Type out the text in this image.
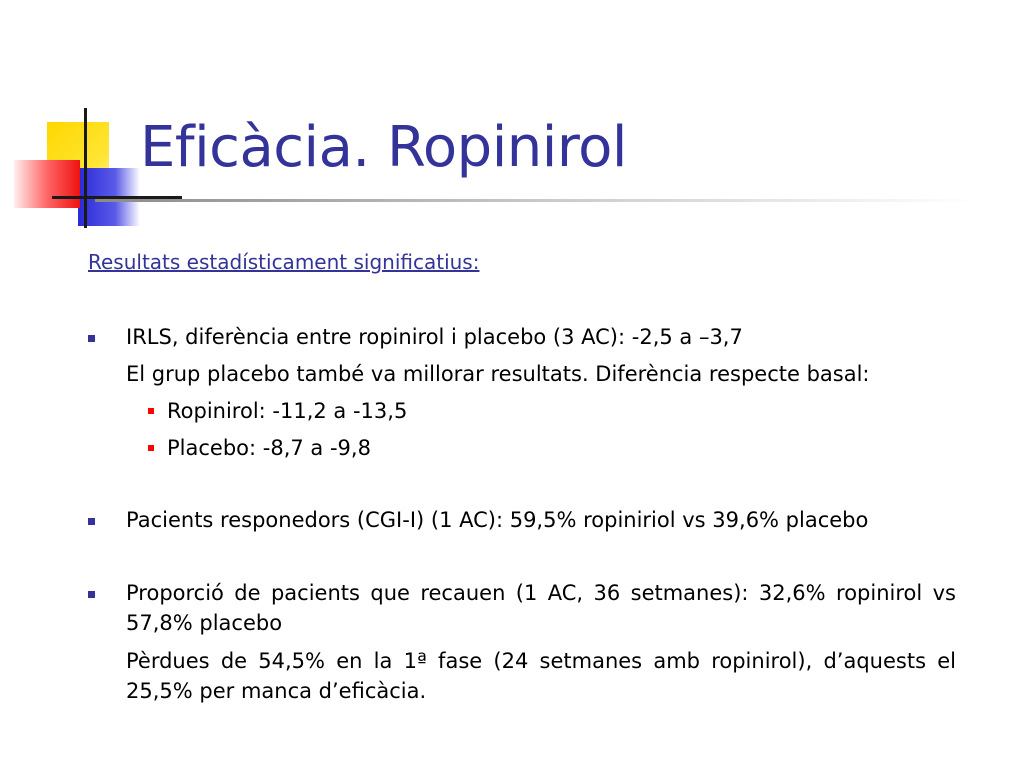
Eficàcia. Ropinirol
Resultats estadísticament significatius:
IRLS, diferència entre ropinirol i placebo (3 AC): -2,5 a –3,7
El grup placebo també va millorar resultats. Diferència respecte basal:
Ropinirol: -11,2 a -13,5
Placebo: -8,7 a -9,8
Pacients responedors (CGI-I) (1 AC): 59,5% ropiniriol vs 39,6% placebo
Proporció de pacients que recauen (1 AC, 36 setmanes): 32,6% ropinirol vs 57,8% placebo
Pèrdues de 54,5% en la 1ª fase (24 setmanes amb ropinirol), d’aquests el 25,5% per manca d’eficàcia.
